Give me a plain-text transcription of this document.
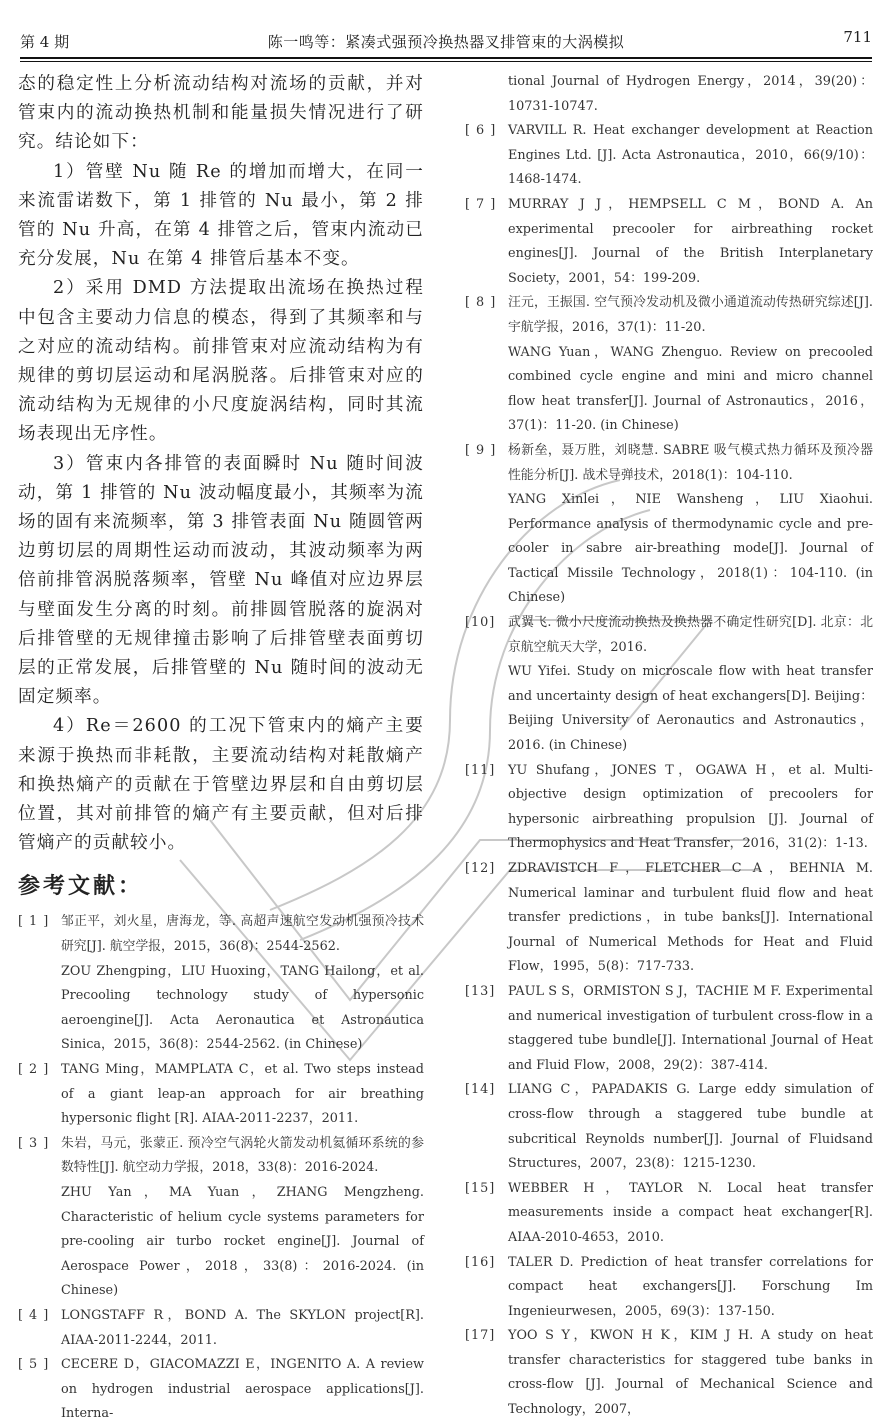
第 4 期	陈一鸣等：紧凑式强预冷换热器叉排管束的大涡模拟	711

态的稳定性上分析流动结构对流场的贡献，并对管束内的流动换热机制和能量损失情况进行了研究。结论如下：

1）管壁 Nu 随 Re 的增加而增大，在同一来流雷诺数下，第 1 排管的 Nu 最小，第 2 排管的 Nu 升高，在第 4 排管之后，管束内流动已充分发展，Nu 在第 4 排管后基本不变。

2）采用 DMD 方法提取出流场在换热过程中包含主要动力信息的模态，得到了其频率和与之对应的流动结构。前排管束对应流动结构为有规律的剪切层运动和尾涡脱落。后排管束对应的流动结构为无规律的小尺度旋涡结构，同时其流场表现出无序性。

3）管束内各排管的表面瞬时 Nu 随时间波动，第 1 排管的 Nu 波动幅度最小，其频率为流场的固有来流频率，第 3 排管表面 Nu 随圆管两边剪切层的周期性运动而波动，其波动频率为两倍前排管涡脱落频率，管壁 Nu 峰值对应边界层与壁面发生分离的时刻。前排圆管脱落的旋涡对后排管壁的无规律撞击影响了后排管壁表面剪切层的正常发展，后排管壁的 Nu 随时间的波动无固定频率。

4）Re＝2600 的工况下管束内的熵产主要来源于换热而非耗散，主要流动结构对耗散熵产和换热熵产的贡献在于管壁边界层和自由剪切层位置，其对前排管的熵产有主要贡献，但对后排管熵产的贡献较小。

参考文献：
[ 1 ] 邹正平，刘火星，唐海龙，等. 高超声速航空发动机强预冷技术研究[J]. 航空学报，2015，36(8)：2544-2562.
ZOU Zhengping，LIU Huoxing，TANG Hailong，et al. Precooling technology study of hypersonic aeroengine[J]. Acta Aeronautica et Astronautica Sinica，2015，36(8)：2544-2562. (in Chinese)
[ 2 ] TANG Ming，MAMPLATA C，et al. Two steps instead of a giant leap-an approach for air breathing hypersonic flight [R]. AIAA-2011-2237，2011.
[ 3 ] 朱岩，马元，张蒙正. 预冷空气涡轮火箭发动机氦循环系统的参数特性[J]. 航空动力学报，2018，33(8)：2016-2024.
ZHU Yan，MA Yuan，ZHANG Mengzheng. Characteristic of helium cycle systems parameters for pre-cooling air turbo rocket engine[J]. Journal of Aerospace Power，2018，33(8)：2016-2024. (in Chinese)
[ 4 ] LONGSTAFF R，BOND A. The SKYLON project[R]. AIAA-2011-2244，2011.
[ 5 ] CECERE D，GIACOMAZZI E，INGENITO A. A review on hydrogen industrial aerospace applications[J]. Interna-
tional Journal of Hydrogen Energy，2014，39(20)：10731-10747.
[ 6 ] VARVILL R. Heat exchanger development at Reaction Engines Ltd. [J]. Acta Astronautica，2010，66(9/10)：1468-1474.
[ 7 ] MURRAY J J，HEMPSELL C M，BOND A. An experimental precooler for airbreathing rocket engines[J]. Journal of the British Interplanetary Society，2001，54：199-209.
[ 8 ] 汪元，王振国. 空气预冷发动机及微小通道流动传热研究综述[J]. 宇航学报，2016，37(1)：11-20.
WANG Yuan，WANG Zhenguo. Review on precooled combined cycle engine and mini and micro channel flow heat transfer[J]. Journal of Astronautics，2016，37(1)：11-20. (in Chinese)
[ 9 ] 杨新垒，聂万胜，刘晓慧. SABRE 吸气模式热力循环及预冷器性能分析[J]. 战术导弹技术，2018(1)：104-110.
YANG Xinlei，NIE Wansheng，LIU Xiaohui. Performance analysis of thermodynamic cycle and pre-cooler in sabre air-breathing mode[J]. Journal of Tactical Missile Technology，2018(1)：104-110. (in Chinese)
[10] 武翼飞. 微小尺度流动换热及换热器不确定性研究[D]. 北京：北京航空航天大学，2016.
WU Yifei. Study on microscale flow with heat transfer and uncertainty design of heat exchangers[D]. Beijing：Beijing University of Aeronautics and Astronautics，2016. (in Chinese)
[11] YU Shufang，JONES T，OGAWA H，et al. Multi-objective design optimization of precoolers for hypersonic airbreathing propulsion [J]. Journal of Thermophysics and Heat Transfer，2016，31(2)：1-13.
[12] ZDRAVISTCH F，FLETCHER C A，BEHNIA M. Numerical laminar and turbulent fluid flow and heat transfer predictions，in tube banks[J]. International Journal of Numerical Methods for Heat and Fluid Flow，1995，5(8)：717-733.
[13] PAUL S S，ORMISTON S J，TACHIE M F. Experimental and numerical investigation of turbulent cross-flow in a staggered tube bundle[J]. International Journal of Heat and Fluid Flow，2008，29(2)：387-414.
[14] LIANG C，PAPADAKIS G. Large eddy simulation of cross-flow through a staggered tube bundle at subcritical Reynolds number[J]. Journal of Fluidsand Structures，2007，23(8)：1215-1230.
[15] WEBBER H，TAYLOR N. Local heat transfer measurements inside a compact heat exchanger[R]. AIAA-2010-4653，2010.
[16] TALER D. Prediction of heat transfer correlations for compact heat exchangers[J]. Forschung Im Ingenieurwesen，2005，69(3)：137-150.
[17] YOO S Y，KWON H K，KIM J H. A study on heat transfer characteristics for staggered tube banks in cross-flow [J]. Journal of Mechanical Science and Technology，2007，
